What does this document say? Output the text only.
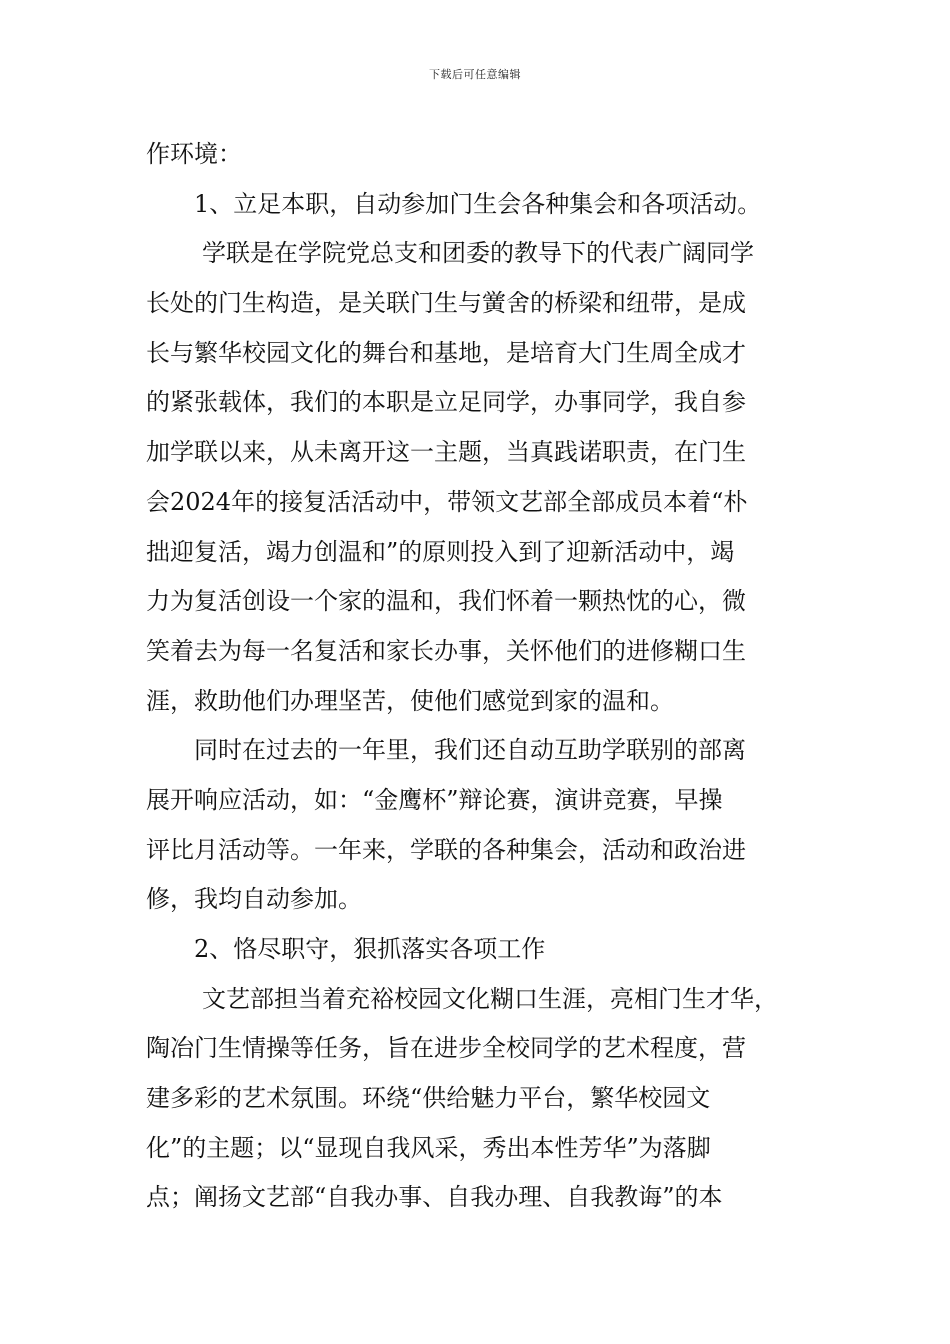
下载后可任意编辑
作环境：
1、立足本职，自动参加门生会各种集会和各项活动。
学联是在学院党总支和团委的教导下的代表广阔同学
长处的门生构造，是关联门生与黉舍的桥梁和纽带，是成
长与繁华校园文化的舞台和基地，是培育大门生周全成才
的紧张载体，我们的本职是立足同学，办事同学，我自参
加学联以来，从未离开这一主题，当真践诺职责，在门生
会2024年的接复活活动中，带领文艺部全部成员本着“朴
拙迎复活，竭力创温和”的原则投入到了迎新活动中，竭
力为复活创设一个家的温和，我们怀着一颗热忱的心，微
笑着去为每一名复活和家长办事，关怀他们的进修糊口生
涯，救助他们办理坚苦，使他们感觉到家的温和。
同时在过去的一年里，我们还自动互助学联别的部离
展开响应活动，如：“金鹰杯”辩论赛，演讲竞赛，早操
评比月活动等。一年来，学联的各种集会，活动和政治进
修，我均自动参加。
2、恪尽职守，狠抓落实各项工作
文艺部担当着充裕校园文化糊口生涯，亮相门生才华，
陶冶门生情操等任务，旨在进步全校同学的艺术程度，营
建多彩的艺术氛围。环绕“供给魅力平台，繁华校园文
化”的主题；以“显现自我风采，秀出本性芳华”为落脚
点；阐扬文艺部“自我办事、自我办理、自我教诲”的本
